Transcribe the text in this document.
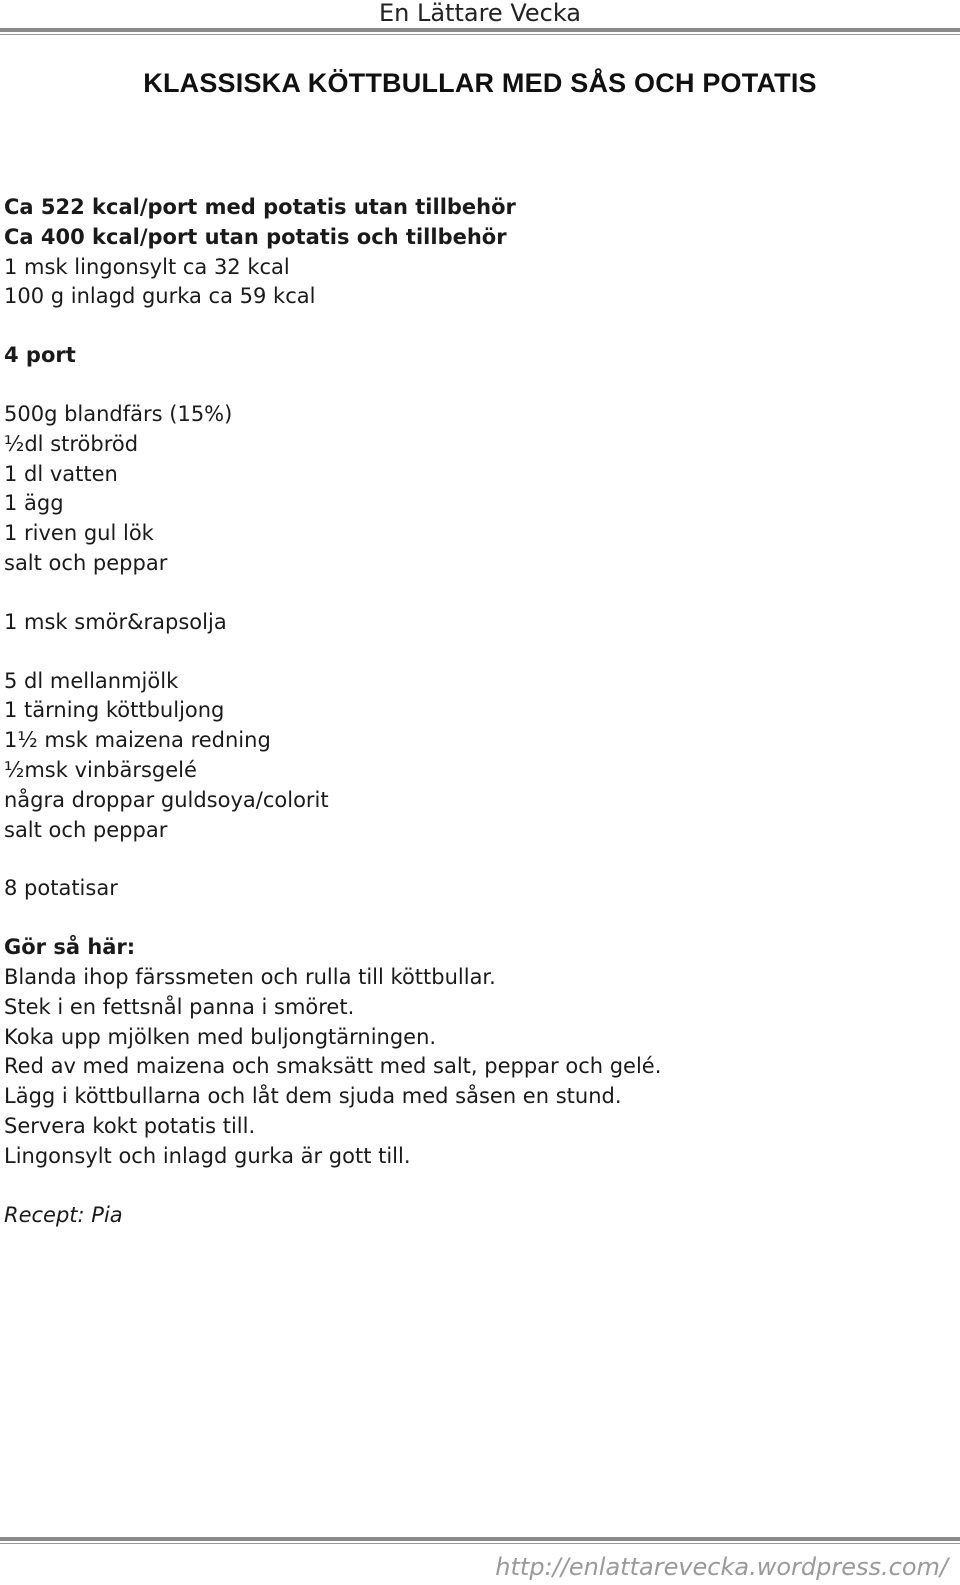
En Lättare Vecka
KLASSISKA KÖTTBULLAR MED SÅS OCH POTATIS
Ca 522 kcal/port med potatis utan tillbehör
Ca 400 kcal/port utan potatis och tillbehör
1 msk lingonsylt ca 32 kcal
100 g inlagd gurka ca 59 kcal
4 port
500g blandfärs (15%)
½dl ströbröd
1 dl vatten
1 ägg
1 riven gul lök
salt och peppar
1 msk smör&rapsolja
5 dl mellanmjölk
1 tärning köttbuljong
1½ msk maizena redning
½msk vinbärsgelé
några droppar guldsoya/colorit
salt och peppar
8 potatisar
Gör så här:
Blanda ihop färssmeten och rulla till köttbullar.
Stek i en fettsnål panna i smöret.
Koka upp mjölken med buljongtärningen.
Red av med maizena och smaksätt med salt, peppar och gelé.
Lägg i köttbullarna och låt dem sjuda med såsen en stund.
Servera kokt potatis till.
Lingonsylt och inlagd gurka är gott till.
Recept: Pia
http://enlattarevecka.wordpress.com/
